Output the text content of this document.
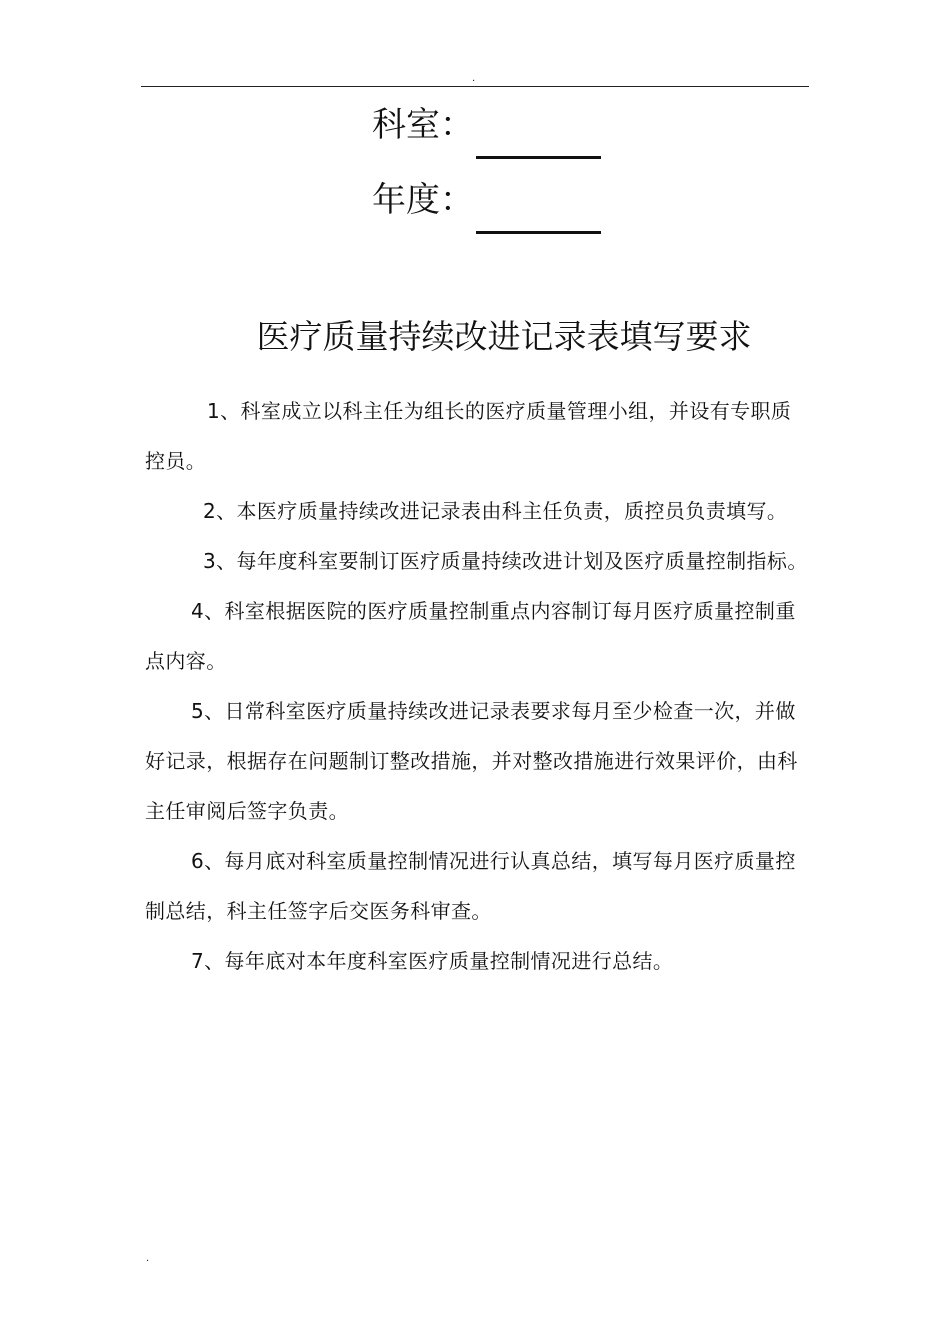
.
科室：
年度：
医疗质量持续改进记录表填写要求

1、科室成立以科主任为组长的医疗质量管理小组，并设有专职质控员。

2、本医疗质量持续改进记录表由科主任负责，质控员负责填写。

3、每年度科室要制订医疗质量持续改进计划及医疗质量控制指标。

4、科室根据医院的医疗质量控制重点内容制订每月医疗质量控制重点内容。

5、日常科室医疗质量持续改进记录表要求每月至少检查一次，并做好记录，根据存在问题制订整改措施，并对整改措施进行效果评价，由科主任审阅后签字负责。

6、每月底对科室质量控制情况进行认真总结，填写每月医疗质量控制总结，科主任签字后交医务科审查。

7、每年底对本年度科室医疗质量控制情况进行总结。

.
